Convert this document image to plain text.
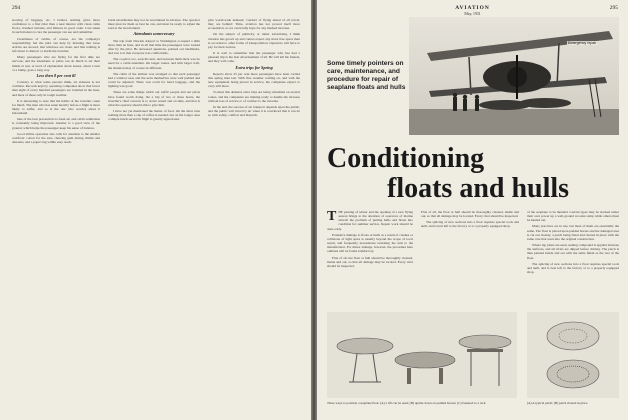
294

stowing of baggage, etc. I believe nothing gives more confidence to a first rider than a neat interior with clean cabin floors, brushed curtains, and fixtures in good order. Care taken in such matters is care the passenger can see and remember.

Cleanliness of cabins, of course, are the company's responsibility, but the pilot can help by insisting that loose articles are stowed, that windows are clean, and that nothing is left about to distract or alarm the traveller.

Many passengers who are flying for the first time are nervous, and the attendants or pilots can do much to set their minds at rest. A word of explanation about noises, about a turn or a bump, goes a long way.

Less then 8 per cent ill

Contrary to what some persons think, air sickness is not common. Records kept by operating companies show that fewer than eight of every hundred passengers are troubled in the least, and most of these only in rough weather.

It is interesting to note that the habits of the traveller count for much. The man who has eaten heavily before a flight is more likely to suffer, and so is the one who worries about it beforehand.

One of the best preventives is fresh air, and cabin ventilation is constantly being improved. Another is a good view of the ground, which helps the passenger keep his sense of balance.

Good airline operation also calls for attention to the smaller comforts: cotton for the ears, chewing gum during climbs and descents, and a paper bag within easy reach.

loads nevertheless may not be ascertained in advance. The operator must plan for them as best he can, and must be ready to adjust the load at the last moment.

Attendants unnecessary

The trip from Newark Airport to Washington occupied a little more than an hour, and in all that time the passengers were looked after by the pilot. He answered questions, pointed out landmarks, and saw to it that everyone was comfortable.

The co-pilot, too, took his turn, and between them there was no need for a cabin attendant. On longer routes, and with larger craft, the situation may of course be different.

The cabin of the airliner was arranged so that each passenger had a window seat, and the seats themselves were well padded and could be adjusted. There was room for hand baggage, and the lighting was good.

These are some things which our traffic people and our pilots have found worth doing. On a trip of two or three hours, the traveller's chief concern is to arrive rested and on time, and that is what the operator should aim to give him.

I have not yet mentioned the matter of food. On the short runs nothing more than a cup of coffee is needed, but on the longer ones a simple lunch served in flight is greatly appreciated.

give world-wide demand, 'conduct of flying ahead of all travel, they are behind.' Time, aviation has not proved itself more economical, so we can hardly hope for any marked increase.

On the subject of publicity, or rather advertising, I think aviation has grown up and cannot expect any more free space than is accorded to other forms of transportation. Operators will have to pay for their notices.

It is well to remember that the passenger who has had a pleasant trip is the best advertisement of all. He will tell his friends, and they will come.

Extra trips for Spring

Reports show 25 per cent more passengers have been carried this spring than last. With fine weather coming on, and with the new equipment being placed in service, the companies expect to carry still more.

To meet this demand, extra trips are being scheduled on several routes, and the companies are making ready to handle the increase without loss of service or of comfort to the traveller.

In the end, the success of air transport depends upon the public, and the public will travel by air when it is convinced that it can do so with safety, comfort and dispatch.

AVIATION
May, 1931
295
Emergency repair
Some timely pointers on care, maintenance, and procedure for repair of seaplane floats and hulls
Conditioning
floats and hulls

THE passing of winter and the opening of a new flying season brings to the attention of operators of marine aircraft the problem of putting hulls and floats into condition for summer service. Repair work should be done early.

Extensive damage to floats or hulls as a result of crashes or collisions of light spars is usually beyond the scope of local repair, and frequently necessitates returning the unit to the manufacturer. For minor damage, however, the procedure here outlined will be found satisfactory.

First of all, the float or hull should be thoroughly cleaned, inside and out, so that all damage may be located. Every rivet should be inspected.

of the seaplane to be mended. Certain types may be stacked under their own power up a well-ground wooden ramp while others must be hauled out.

Many practices are in use, but most of them are essentially the same. The float is placed upon padded horses and the damaged area is cut out cleanly, a patch being fitted and riveted in place with the same care that went into the original construction.

Where lap joints are used, sealing compound is applied between the surfaces, and all rivets are dipped before driving. The patch is then painted inside and out with the same finish as the rest of the float.

The splicing of new sections into a float requires special tools and skill, and is best left to the factory or to a properly equipped shop.

First of all, the float or hull should be thoroughly cleaned, inside and out, so that all damage may be located. Every rivet should be inspected.

The splicing of new sections into a float requires special tools and skill, and is best left to the factory or to a properly equipped shop.

Three ways to position a seaplane float: (A) a lift can be used; (B) upside down on padded horses; (C) fastened to a rack	(A) A typical patch; (B) patch riveted in place
